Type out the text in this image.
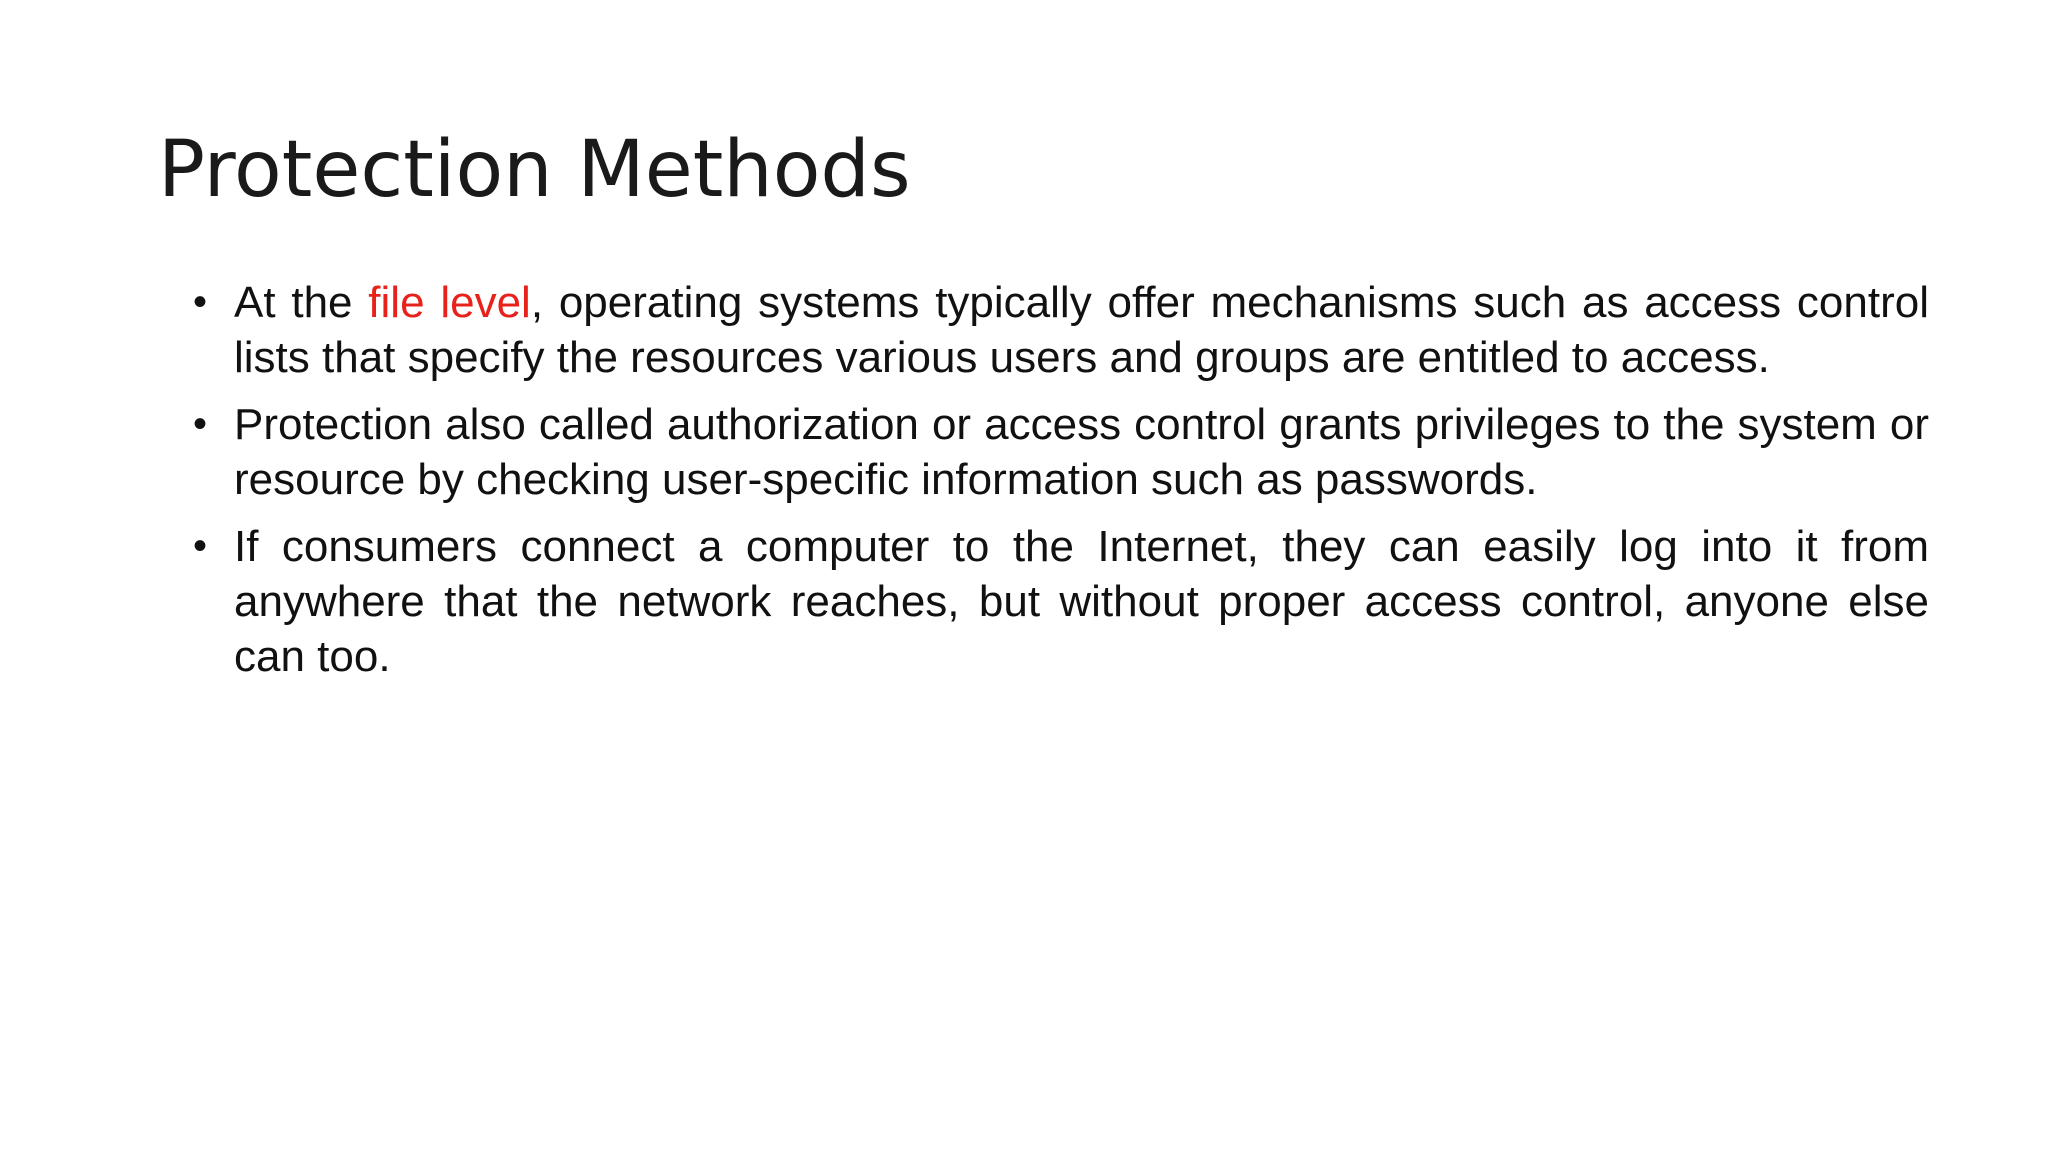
Protection Methods
• At the file level, operating systems typically offer mechanisms such as access control lists that specify the resources various users and groups are entitled to access.
• Protection also called authorization or access control grants privileges to the system or resource by checking user-specific information such as passwords.
• If consumers connect a computer to the Internet, they can easily log into it from anywhere that the network reaches, but without proper access control, anyone else can too.
